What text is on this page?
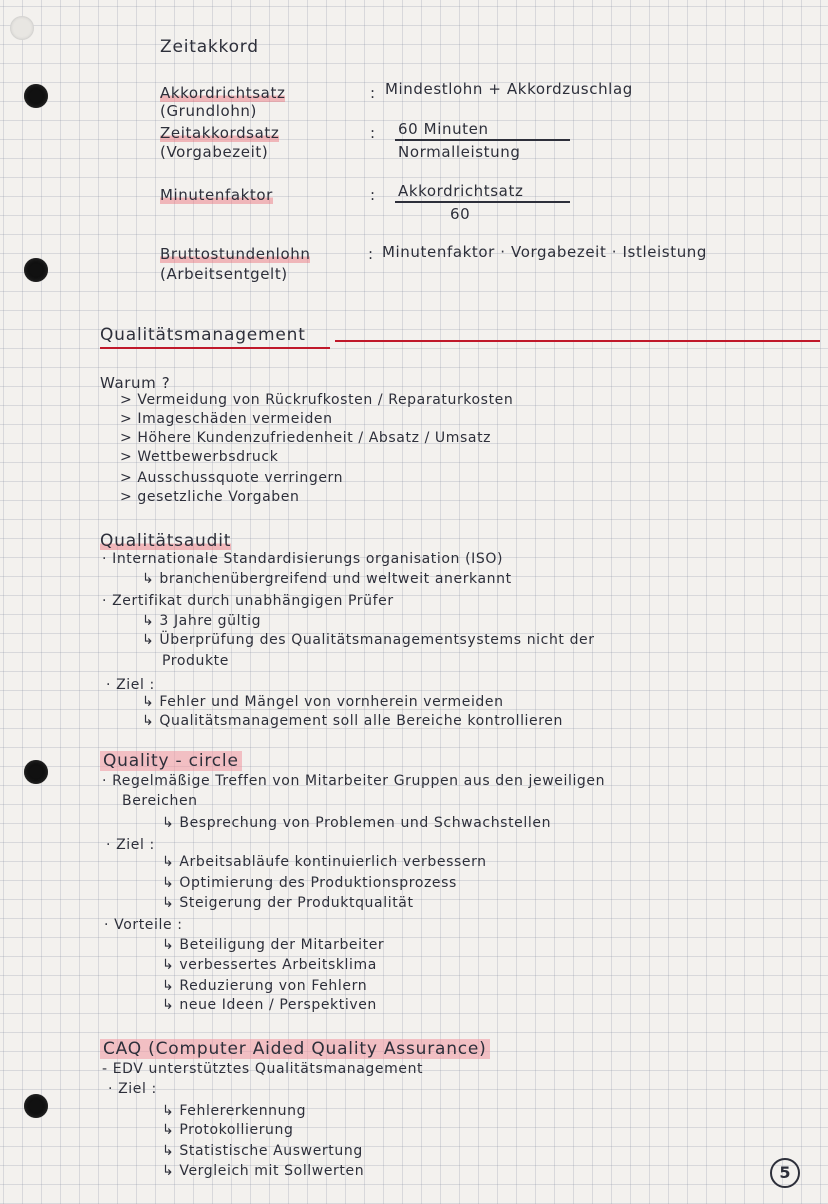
Zeitakkord
Akkordrichtsatz
(Grundlohn)
: Mindestlohn + Akkordzuschlag
Zeitakkordsatz
(Vorgabezeit)
: 60 Minuten
Normalleistung
Minutenfaktor	: Akkordrichtsatz
60
Bruttostundenlohn
(Arbeitsentgelt)
: Minutenfaktor · Vorgabezeit · Istleistung
Qualitätsmanagement
Warum ?
> Vermeidung von Rückrufkosten / Reparaturkosten
> Imageschäden vermeiden
> Höhere Kundenzufriedenheit / Absatz / Umsatz
> Wettbewerbsdruck
> Ausschussquote verringern
> gesetzliche Vorgaben
Qualitätsaudit
· Internationale Standardisierungs organisation (ISO)
↳ branchenübergreifend und weltweit anerkannt
· Zertifikat durch unabhängigen Prüfer
↳ 3 Jahre gültig
↳ Überprüfung des Qualitätsmanagementsystems nicht der
Produkte
· Ziel :
↳ Fehler und Mängel von vornherein vermeiden
↳ Qualitätsmanagement soll alle Bereiche kontrollieren
Quality - circle
· Regelmäßige Treffen von Mitarbeiter Gruppen aus den jeweiligen
Bereichen
↳ Besprechung von Problemen und Schwachstellen
· Ziel :
↳ Arbeitsabläufe kontinuierlich verbessern
↳ Optimierung des Produktionsprozess
↳ Steigerung der Produktqualität
· Vorteile :
↳ Beteiligung der Mitarbeiter
↳ verbessertes Arbeitsklima
↳ Reduzierung von Fehlern
↳ neue Ideen / Perspektiven
CAQ (Computer Aided Quality Assurance)
- EDV unterstütztes Qualitätsmanagement
· Ziel :
↳ Fehlererkennung
↳ Protokollierung
↳ Statistische Auswertung
↳ Vergleich mit Sollwerten	5
